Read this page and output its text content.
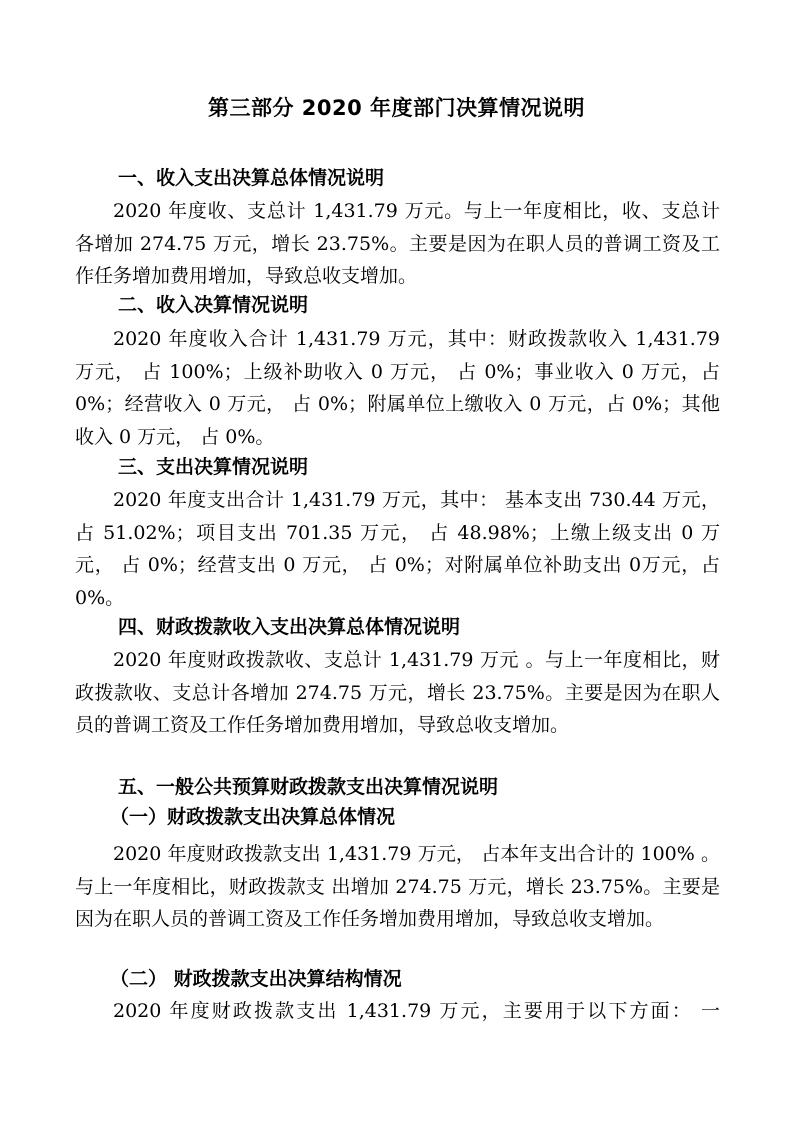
第三部分 2020 年度部门决算情况说明
一、收入支出决算总体情况说明

2020 年度收、支总计 1,431.79 万元。与上一年度相比，收、支总计各增加 274.75 万元，增长 23.75%。主要是因为在职人员的普调工资及工作任务增加费用增加，导致总收支增加。

二、收入决算情况说明

2020 年度收入合计 1,431.79 万元，其中：财政拨款收入 1,431.79 万元， 占 100%；上级补助收入 0 万元， 占 0%；事业收入 0 万元，占 0%；经营收入 0 万元， 占 0%；附属单位上缴收入 0 万元，占 0%；其他收入 0 万元， 占 0%。

三、支出决算情况说明

2020 年度支出合计 1,431.79 万元，其中： 基本支出 730.44 万元， 占 51.02%；项目支出 701.35 万元， 占 48.98%；上缴上级支出 0 万元， 占 0%；经营支出 0 万元， 占 0%；对附属单位补助支出 0万元，占 0%。

四、财政拨款收入支出决算总体情况说明

2020 年度财政拨款收、支总计 1,431.79 万元 。与上一年度相比，财政拨款收、支总计各增加 274.75 万元，增长 23.75%。主要是因为在职人员的普调工资及工作任务增加费用增加，导致总收支增加。

五、一般公共预算财政拨款支出决算情况说明
（一）财政拨款支出决算总体情况

2020 年度财政拨款支出 1,431.79 万元， 占本年支出合计的 100% 。与上一年度相比，财政拨款支 出增加 274.75 万元，增长 23.75%。主要是因为在职人员的普调工资及工作任务增加费用增加，导致总收支增加。

（二） 财政拨款支出决算结构情况

2020 年度财政拨款支出 1,431.79 万元，主要用于以下方面： 一
